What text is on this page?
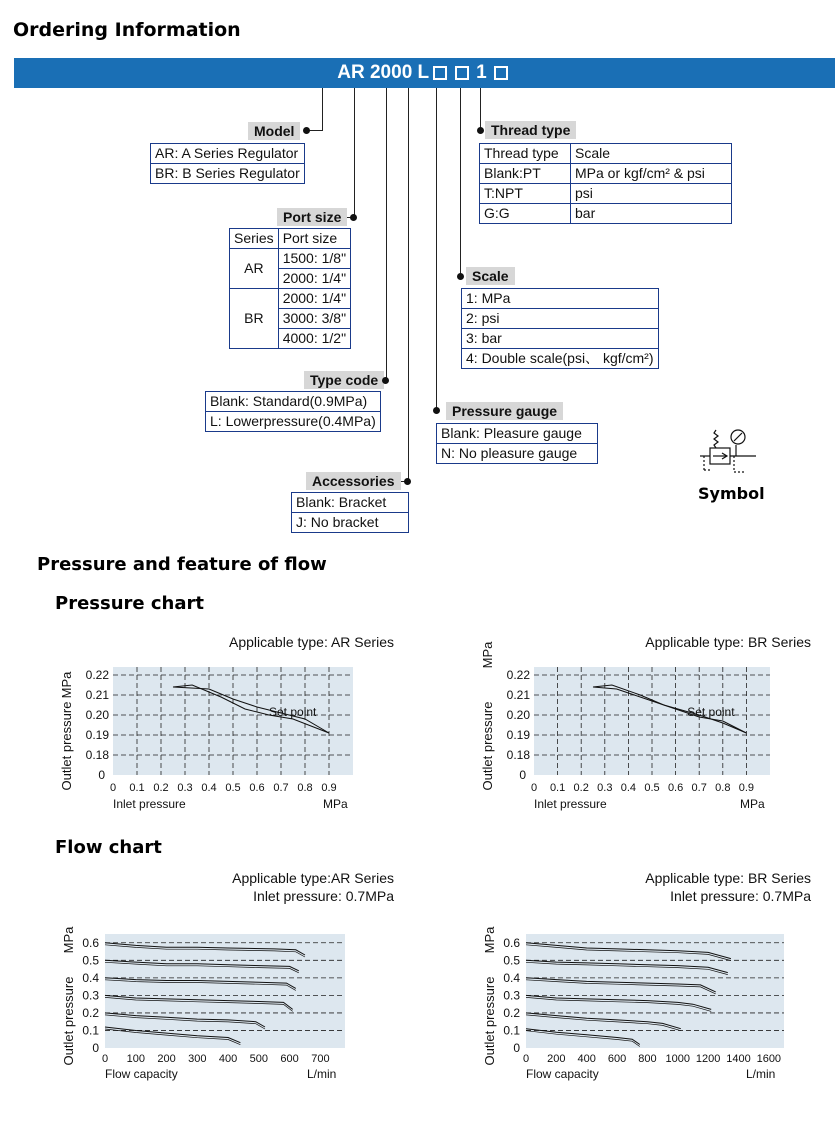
Ordering Information
AR 2000 L 1
Model
AR: A Series Regulator
BR: B Series Regulator
Port size
Series	Port size
AR	1500: 1/8"
	2000: 1/4"
BR	2000: 1/4"
	3000: 3/8"
	4000: 1/2"
Type code
Blank: Standard(0.9MPa)
L: Lowerpressure(0.4MPa)
Accessories
Blank: Bracket
J: No bracket
Thread type
Thread type	Scale
Blank:PT	MPa or kgf/cm² & psi
T:NPT	psi
G:G	bar
Scale
1: MPa
2: psi
3: bar
4: Double scale(psi、 kgf/cm²)
Pressure gauge
Blank: Pleasure gauge
N: No pleasure gauge
Symbol
Pressure and feature of flow
Pressure chart
Flow chart
Applicable type: AR Series	Applicable type: BR Series
Applicable type:AR Series
Inlet pressure: 0.7MPa
Applicable type: BR Series
Inlet pressure: 0.7MPa
0.18
0.19
0.20
0.21
0.22
0
0 0.1 0.2 0.3 0.4 0.5 0.6 0.7 0.8 0.9
Set point
Inlet pressure	MPa
Outlet pressure
MPa
0.18
0.19
0.20
0.21
0.22
0
0 0.1 0.2 0.3 0.4 0.5 0.6 0.7 0.8 0.9
Set point
Inlet pressure	MPa
Outlet pressure
MPa
0
0.1
0.2
0.3
0.4
0.5
0.6
0 100 200 300 400 500 600 700
Flow capacity	L/min
Outlet pressure
MPa
0
0.1
0.2
0.3
0.4
0.5
0.6
0 200 400 600 800 1000 1200 1400 1600
Flow capacity	L/min
Outlet pressure
MPa
